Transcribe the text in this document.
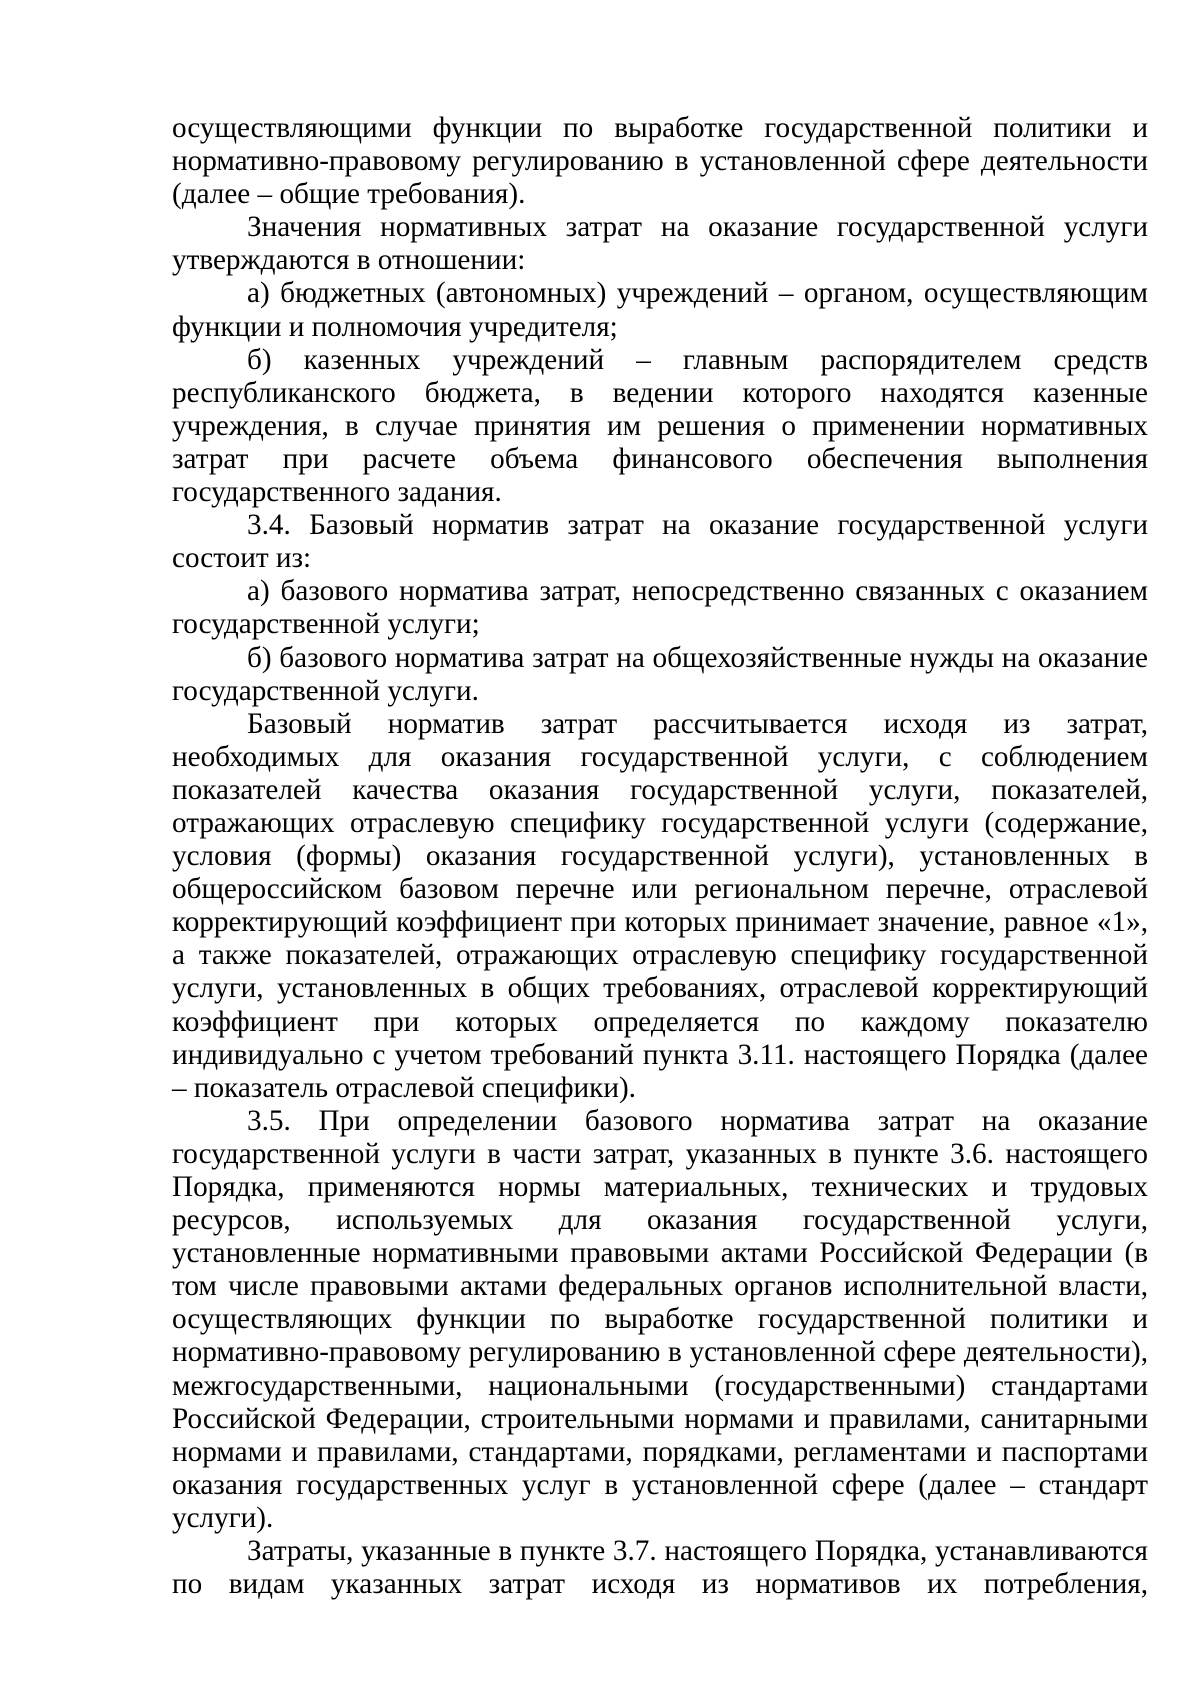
осуществляющими функции по выработке государственной политики и нормативно-правовому регулированию в установленной сфере деятельности (далее – общие требования).

Значения нормативных затрат на оказание государственной услуги утверждаются в отношении:

а) бюджетных (автономных) учреждений – органом, осуществляющим функции и полномочия учредителя;

б) казенных учреждений – главным распорядителем средств республиканского бюджета, в ведении которого находятся казенные учреждения, в случае принятия им решения о применении нормативных затрат при расчете объема финансового обеспечения выполнения государственного задания.

3.4. Базовый норматив затрат на оказание государственной услуги состоит из:

а) базового норматива затрат, непосредственно связанных с оказанием государственной услуги;

б) базового норматива затрат на общехозяйственные нужды на оказание государственной услуги.

Базовый норматив затрат рассчитывается исходя из затрат, необходимых для оказания государственной услуги, с соблюдением показателей качества оказания государственной услуги, показателей, отражающих отраслевую специфику государственной услуги (содержание, условия (формы) оказания государственной услуги), установленных в общероссийском базовом перечне или региональном перечне, отраслевой корректирующий коэффициент при которых принимает значение, равное «1», а также показателей, отражающих отраслевую специфику государственной услуги, установленных в общих требованиях, отраслевой корректирующий коэффициент при которых определяется по каждому показателю индивидуально с учетом требований пункта 3.11. настоящего Порядка (далее – показатель отраслевой специфики).

3.5. При определении базового норматива затрат на оказание государственной услуги в части затрат, указанных в пункте 3.6. настоящего Порядка, применяются нормы материальных, технических и трудовых ресурсов, используемых для оказания государственной услуги, установленные нормативными правовыми актами Российской Федерации (в том числе правовыми актами федеральных органов исполнительной власти, осуществляющих функции по выработке государственной политики и нормативно-правовому регулированию в установленной сфере деятельности), межгосударственными, национальными (государственными) стандартами Российской Федерации, строительными нормами и правилами, санитарными нормами и правилами, стандартами, порядками, регламентами и паспортами оказания государственных услуг в установленной сфере (далее – стандарт услуги).

Затраты, указанные в пункте 3.7. настоящего Порядка, устанавливаются по видам указанных затрат исходя из нормативов их потребления,
